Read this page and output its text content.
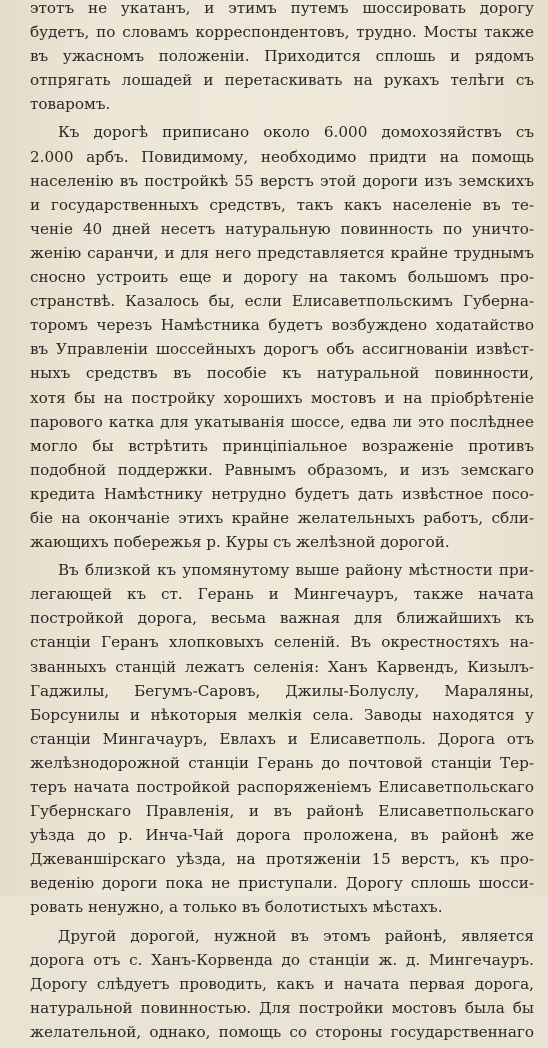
этотъ не укатанъ, и этимъ путемъ шоссировать дорогу
будетъ, по словамъ корреспондентовъ, трудно. Мосты также
въ ужасномъ положенiи. Приходится сплошь и рядомъ
отпрягать лошадей и перетаскивать на рукахъ телѣги съ
товаромъ.
Къ дорогѣ приписано около 6.000 домохозяйствъ съ
2.000 арбъ. Повидимому, необходимо придти на помощь
населенiю въ постройкѣ 55 верстъ этой дороги изъ земскихъ
и государственныхъ средствъ, такъ какъ населенiе въ те-
ченiе 40 дней несетъ натуральную повинность по уничто-
женiю саранчи, и для него представляется крайне труднымъ
сносно устроить еще и дорогу на такомъ большомъ про-
странствѣ. Казалось бы, если Елисаветпольскимъ Губерна-
торомъ черезъ Намѣстника будетъ возбуждено ходатайство
въ Управленiи шоссейныхъ дорогъ объ ассигнованiи извѣст-
ныхъ средствъ въ пособiе къ натуральной повинности,
хотя бы на постройку хорошихъ мостовъ и на прiобрѣтенiе
парового катка для укатыванiя шоссе, едва ли это послѣднее
могло бы встрѣтить принцiпiальное возраженiе противъ
подобной поддержки. Равнымъ образомъ, и изъ земскаго
кредита Намѣстнику нетрудно будетъ дать извѣстное посо-
бiе на окончанiе этихъ крайне желательныхъ работъ, сбли-
жающихъ побережья р. Куры съ желѣзной дорогой.
Въ близкой къ упомянутому выше району мѣстности при-
легающей къ ст. Герань и Мингечауръ, также начата
постройкой дорога, весьма важная для ближайшихъ къ
станцiи Геранъ хлопковыхъ селенiй. Въ окрестностяхъ на-
званныхъ станцiй лежатъ селенiя: Ханъ Карвендъ, Кизылъ-
Гаджилы, Бегумъ-Саровъ, Джилы-Болуслу, Мараляны,
Борсунилы и нѣкоторыя мелкiя села. Заводы находятся у
станцiи Мингачауръ, Евлахъ и Елисаветполь. Дорога отъ
желѣзнодорожной станцiи Герань до почтовой станцiи Тер-
теръ начата постройкой распоряженiемъ Елисаветпольскаго
Губернскаго Правленiя, и въ районѣ Елисаветпольскаго
уѣзда до р. Инча-Чай дорога проложена, въ районѣ же
Джеваншірскаго уѣзда, на протяженiи 15 верстъ, къ про-
веденiю дороги пока не приступали. Дорогу сплошь шосси-
ровать ненужно, а только въ болотистыхъ мѣстахъ.
Другой дорогой, нужной въ этомъ районѣ, является
дорога отъ с. Ханъ-Корвенда до станцiи ж. д. Мингечауръ.
Дорогу слѣдуетъ проводить, какъ и начата первая дорога,
натуральной повинностью. Для постройки мостовъ была бы
желательной, однако, помощь со стороны государственнаго
